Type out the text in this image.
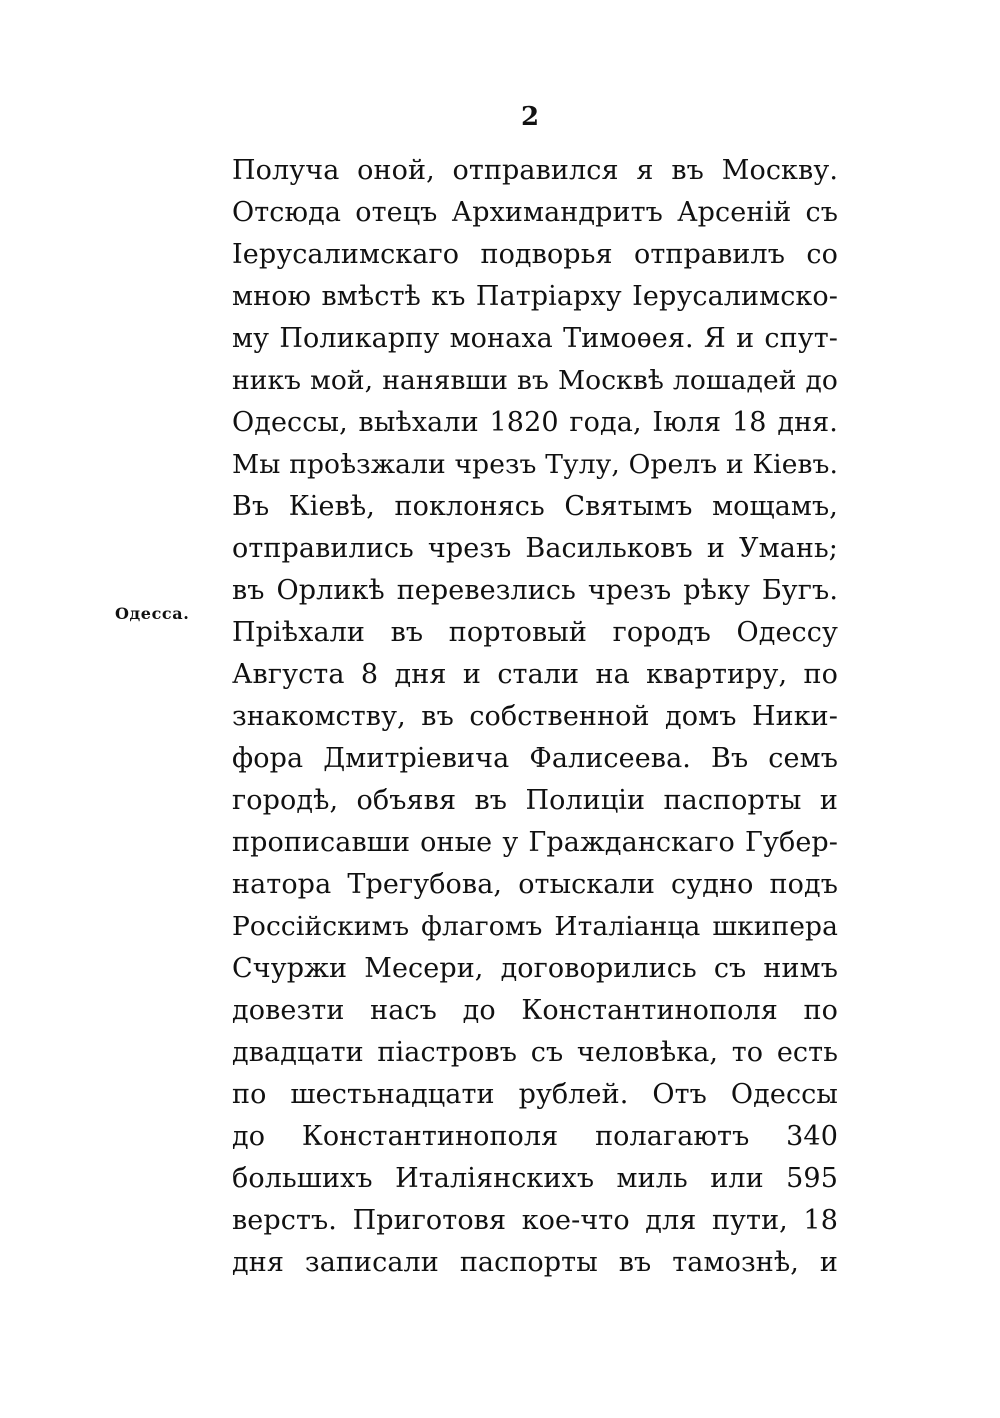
2
Одесса.
Получа оной, отправился я въ Москву.
Отсюда отецъ Архимандритъ Арсеній съ
Іерусалимскаго подворья отправилъ со
мною вмѣстѣ къ Патріарху Іерусалимско-
му Поликарпу монаха Тимоѳея. Я и спут-
никъ мой, нанявши въ Москвѣ лошадей до
Одессы, выѣхали 1820 года, Іюля 18 дня.
Мы проѣзжали чрезъ Тулу, Орелъ и Кіевъ.
Въ Кіевѣ, поклонясь Святымъ мощамъ,
отправились чрезъ Васильковъ и Умань;
въ Орликѣ перевезлись чрезъ рѣку Бугъ.
Пріѣхали въ портовый городъ Одессу
Августа 8 дня и стали на квартиру, по
знакомству, въ собственной домъ Ники-
фора Дмитріевича Фалисеева. Въ семъ
городѣ, объявя въ Полиціи паспорты и
прописавши оные у Гражданскаго Губер-
натора Трегубова, отыскали судно подъ
Россійскимъ флагомъ Италіанца шкипера
Счуржи Месери, договорились съ нимъ
довезти насъ до Константинополя по
двадцати піастровъ съ человѣка, то есть
по шестьнадцати рублей. Отъ Одессы
до Константинополя полагаютъ 340
большихъ Италіянскихъ миль или 595
верстъ. Приготовя кое-что для пути, 18
дня записали паспорты въ тамознѣ, и
